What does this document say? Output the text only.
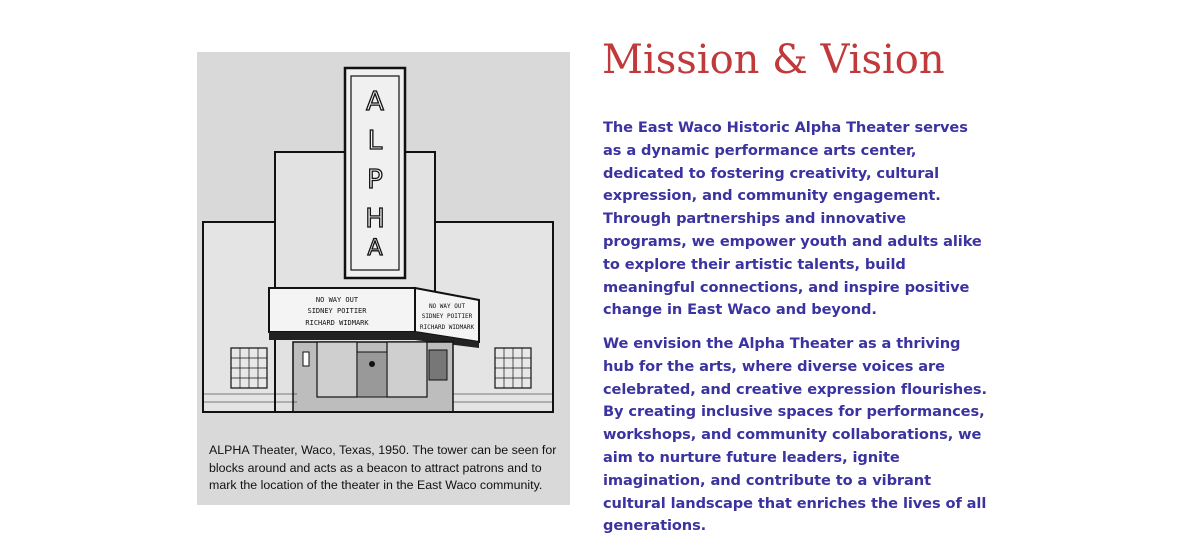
A
L
P
H
A
NO WAY OUT
SIDNEY POITIER
RICHARD WIDMARK
NO WAY OUT
SIDNEY POITIER
RICHARD WIDMARK
ALPHA Theater, Waco, Texas, 1950. The tower can be seen for blocks around and acts as a beacon to attract patrons and to mark the location of the theater in the East Waco community.
Mission & Vision

The East Waco Historic Alpha Theater serves as a dynamic performance arts center, dedicated to fostering creativity, cultural expression, and community engagement. Through partnerships and innovative programs, we empower youth and adults alike to explore their artistic talents, build meaningful connections, and inspire positive change in East Waco and beyond.

We envision the Alpha Theater as a thriving hub for the arts, where diverse voices are celebrated, and creative expression flourishes. By creating inclusive spaces for performances, workshops, and community collaborations, we aim to nurture future leaders, ignite imagination, and contribute to a vibrant cultural landscape that enriches the lives of all generations.
